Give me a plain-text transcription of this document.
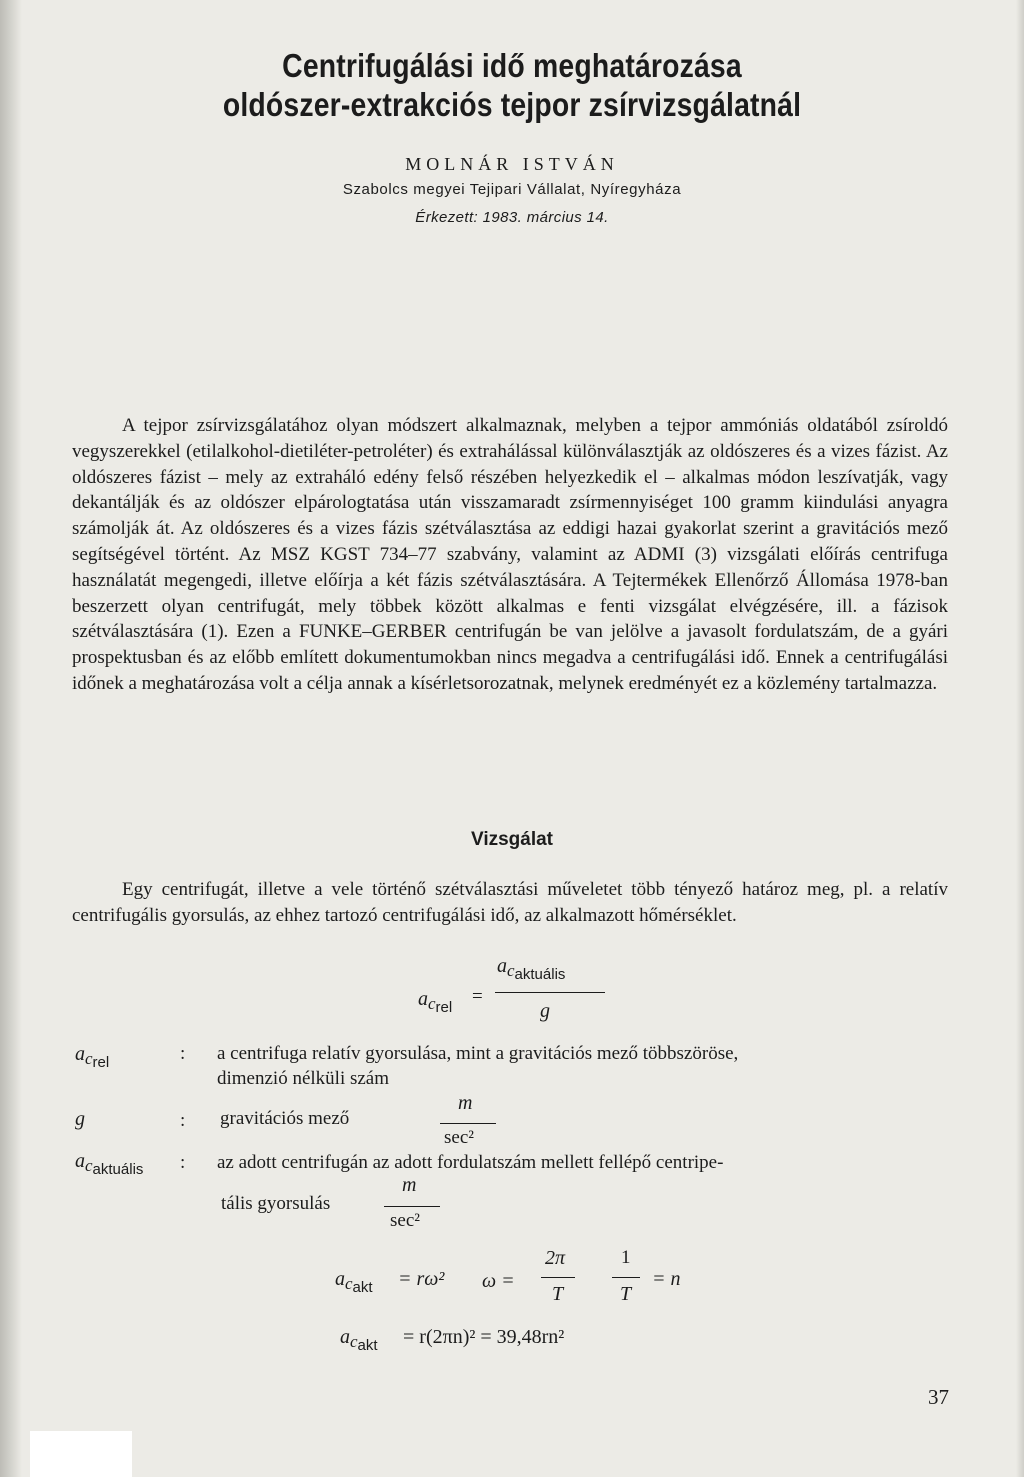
Centrifugálási idő meghatározása
oldószer-extrakciós tejpor zsírvizsgálatnál
MOLNÁR ISTVÁN
Szabolcs megyei Tejipari Vállalat, Nyíregyháza
Érkezett: 1983. március 14.

A tejpor zsírvizsgálatához olyan módszert alkalmaznak, melyben a tejpor ammóniás oldatából zsíroldó vegyszerekkel (etilalkohol-dietiléter-petroléter) és extrahálással különválasztják az oldószeres és a vizes fázist. Az oldószeres fázist – mely az extraháló edény felső részében helyezkedik el – alkalmas módon leszívatják, vagy dekantálják és az oldószer elpárologtatása után visszamaradt zsírmennyiséget 100 gramm kiindulási anyagra számolják át. Az oldószeres és a vizes fázis szétválasztása az eddigi hazai gyakorlat szerint a gravitációs mező segítségével történt. Az MSZ KGST 734–77 szabvány, valamint az ADMI (3) vizsgálati előírás centrifuga használatát megengedi, illetve előírja a két fázis szétválasztására. A Tejtermékek Ellenőrző Állomása 1978-ban beszerzett olyan centrifugát, mely többek között alkalmas e fenti vizsgálat elvégzésére, ill. a fázisok szétválasztására (1). Ezen a FUNKE–GERBER centrifugán be van jelölve a javasolt fordulatszám, de a gyári prospektusban és az előbb említett dokumentumokban nincs megadva a centrifugálási idő. Ennek a centrifugálási időnek a meghatározása volt a célja annak a kísérletsorozatnak, melynek eredményét ez a közlemény tartalmazza.

Vizsgálat

Egy centrifugát, illetve a vele történő szétválasztási műveletet több tényező határoz meg, pl. a relatív centrifugális gyorsulás, az ehhez tartozó centrifugálási idő, az alkalmazott hőmérséklet.

acaktuális
acrel
=
g
acrel	: a centrifuga relatív gyorsulása, mint a gravitációs mező többszöröse,
dimenzió nélküli szám
g	: gravitációs mező
m
sec²
acaktuális : az adott centrifugán az adott fordulatszám mellett fellépő centripe-
tális gyorsulás
m
sec²
acakt = rω² ω =
2π
T
1
T
= n
acakt = r(2πn)² = 39,48rn²
37
